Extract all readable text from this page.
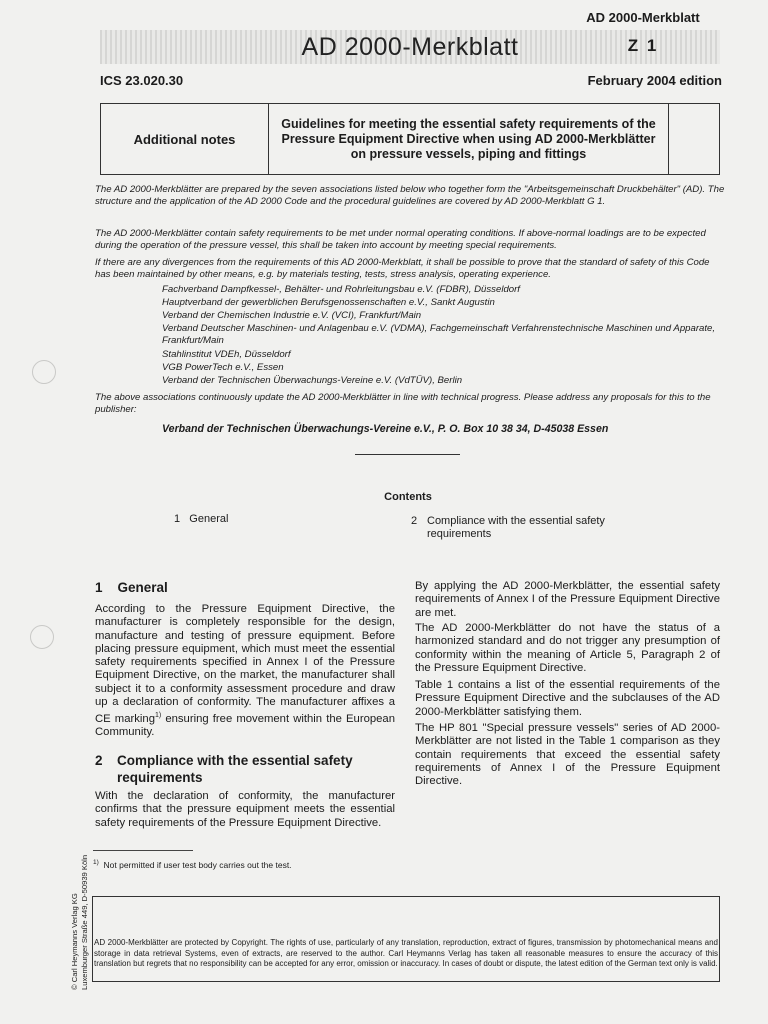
AD 2000-Merkblatt
ICS 23.020.30	February 2004 edition
Additional notes
Guidelines for meeting the essential safety requirements of the Pressure Equipment Directive when using AD 2000-Merkblätter on pressure vessels, piping and fittings
AD 2000-Merkblatt
Z 1
The AD 2000-Merkblätter are prepared by the seven associations listed below who together form the "Arbeitsgemeinschaft Druckbehälter" (AD). The structure and the application of the AD 2000 Code and the procedural guidelines are covered by AD 2000-Merkblatt G 1.
The AD 2000-Merkblätter contain safety requirements to be met under normal operating conditions. If above-normal loadings are to be expected during the operation of the pressure vessel, this shall be taken into account by meeting special requirements.
If there are any divergences from the requirements of this AD 2000-Merkblatt, it shall be possible to prove that the standard of safety of this Code has been maintained by other means, e.g. by materials testing, tests, stress analysis, operating experience.
Fachverband Dampfkessel-, Behälter- und Rohrleitungsbau e.V. (FDBR), Düsseldorf
Hauptverband der gewerblichen Berufsgenossenschaften e.V., Sankt Augustin
Verband der Chemischen Industrie e.V. (VCI), Frankfurt/Main
Verband Deutscher Maschinen- und Anlagenbau e.V. (VDMA), Fachgemeinschaft Verfahrenstechnische Maschinen und Apparate, Frankfurt/Main
Stahlinstitut VDEh, Düsseldorf
VGB PowerTech e.V., Essen
Verband der Technischen Überwachungs-Vereine e.V. (VdTÜV), Berlin
The above associations continuously update the AD 2000-Merkblätter in line with technical progress. Please address any proposals for this to the publisher:
Verband der Technischen Überwachungs-Vereine e.V., P. O. Box 10 38 34, D-45038 Essen
Contents
1 General	2 Compliance with the essential safety requirements
1 General
According to the Pressure Equipment Directive, the manufacturer is completely responsible for the design, manufacture and testing of pressure equipment. Before placing pressure equipment, which must meet the essential safety requirements specified in Annex I of the Pressure Equipment Directive, on the market, the manufacturer shall subject it to a conformity assessment procedure and draw up a declaration of conformity. The manufacturer affixes a CE marking$^{1)}$ ensuring free movement within the European Community.
2 Compliance with the essential safety requirements
With the declaration of conformity, the manufacturer confirms that the pressure equipment meets the essential safety requirements of the Pressure Equipment Directive.
By applying the AD 2000-Merkblätter, the essential safety requirements of Annex I of the Pressure Equipment Directive are met.
The AD 2000-Merkblätter do not have the status of a harmonized standard and do not trigger any presumption of conformity within the meaning of Article 5, Paragraph 2 of the Pressure Equipment Directive.
Table 1 contains a list of the essential requirements of the Pressure Equipment Directive and the subclauses of the AD 2000-Merkblätter satisfying them.
The HP 801 "Special pressure vessels" series of AD 2000-Merkblätter are not listed in the Table 1 comparison as they contain requirements that exceed the essential safety requirements of Annex I of the Pressure Equipment Directive.
$^{1)}$ Not permitted if user test body carries out the test.
AD 2000-Merkblätter are protected by Copyright. The rights of use, particularly of any translation, reproduction, extract of figures, transmission by photomechanical means and storage in data retrieval Systems, even of extracts, are reserved to the author. Carl Heymanns Verlag has taken all reasonable measures to ensure the accuracy of this translation but regrets that no responsibility can be accepted for any error, omission or inaccuracy. In cases of doubt or dispute, the latest edition of the German text only is valid.
© Carl Heymanns Verlag KG Luxemburger Straße 449, D-50939 Köln
